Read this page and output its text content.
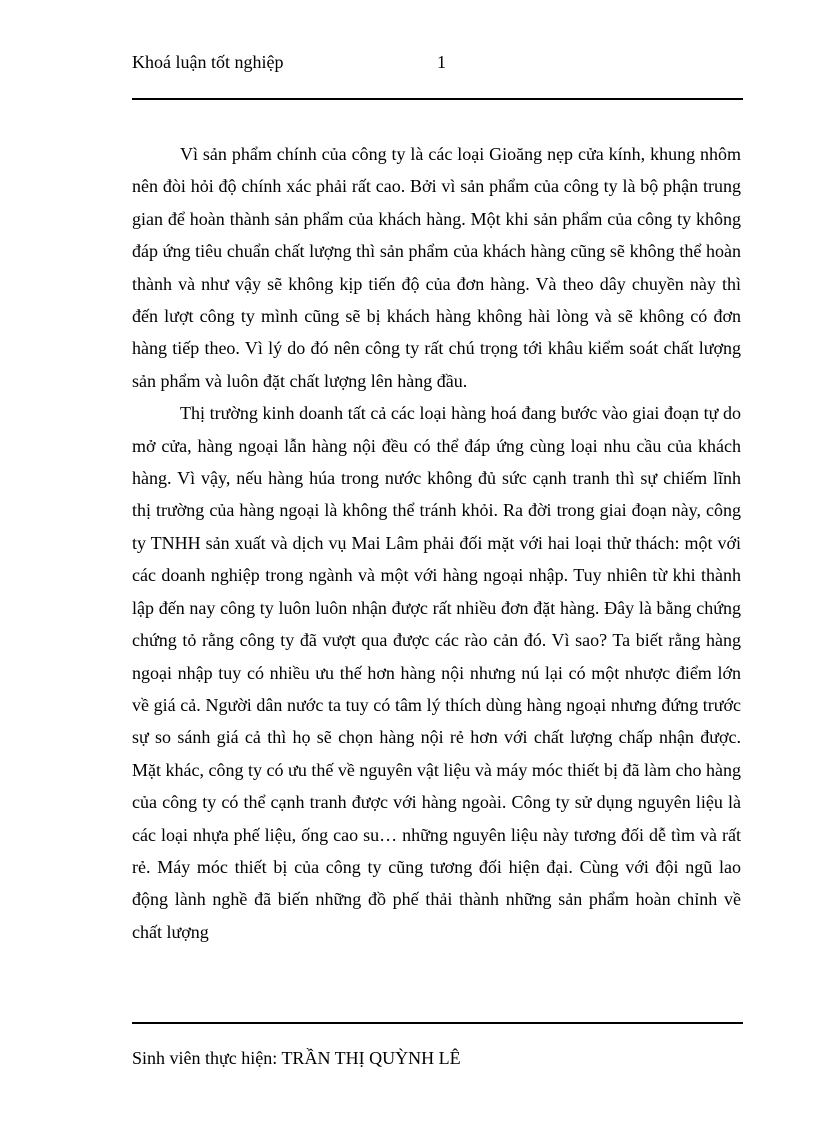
Khoá luận tốt nghiệp	1

Vì sản phẩm chính của công ty là các loại Gioăng nẹp cửa kính, khung nhôm nên đòi hỏi độ chính xác phải rất cao. Bởi vì sản phẩm của công ty là bộ phận trung gian để hoàn thành sản phẩm của khách hàng. Một khi sản phẩm của công ty không đáp ứng tiêu chuẩn chất lượng thì sản phẩm của khách hàng cũng sẽ không thể hoàn thành và như vậy sẽ không kịp tiến độ của đơn hàng. Và theo dây chuyền này thì đến lượt công ty mình cũng sẽ bị khách hàng không hài lòng và sẽ không có đơn hàng tiếp theo. Vì lý do đó nên công ty rất chú trọng tới khâu kiểm soát chất lượng sản phẩm và luôn đặt chất lượng lên hàng đầu.

Thị trường kinh doanh tất cả các loại hàng hoá đang bước vào giai đoạn tự do mở cửa, hàng ngoại lẫn hàng nội đều có thể đáp ứng cùng loại nhu cầu của khách hàng. Vì vậy, nếu hàng húa trong nước không đủ sức cạnh tranh thì sự chiếm lĩnh thị trường của hàng ngoại là không thể tránh khỏi. Ra đời trong giai đoạn này, công ty TNHH sản xuất và dịch vụ Mai Lâm phải đối mặt với hai loại thử thách: một với các doanh nghiệp trong ngành và một với hàng ngoại nhập. Tuy nhiên từ khi thành lập đến nay công ty luôn luôn nhận được rất nhiều đơn đặt hàng. Đây là bằng chứng chứng tỏ rằng công ty đã vượt qua được các rào cản đó. Vì sao? Ta biết rằng hàng ngoại nhập tuy có nhiều ưu thế hơn hàng nội nhưng nú lại có một nhược điểm lớn về giá cả. Người dân nước ta tuy có tâm lý thích dùng hàng ngoại nhưng đứng trước sự so sánh giá cả thì họ sẽ chọn hàng nội rẻ hơn với chất lượng chấp nhận được. Mặt khác, công ty có ưu thế về nguyên vật liệu và máy móc thiết bị đã làm cho hàng của công ty có thể cạnh tranh được với hàng ngoài. Công ty sử dụng nguyên liệu là các loại nhựa phế liệu, ống cao su… những nguyên liệu này tương đối dễ tìm và rất rẻ. Máy móc thiết bị của công ty cũng tương đối hiện đại. Cùng với đội ngũ lao động lành nghề đã biến những đồ phế thải thành những sản phẩm hoàn chỉnh về chất lượng

Sinh viên thực hiện: TRẦN THỊ QUỲNH LÊ
